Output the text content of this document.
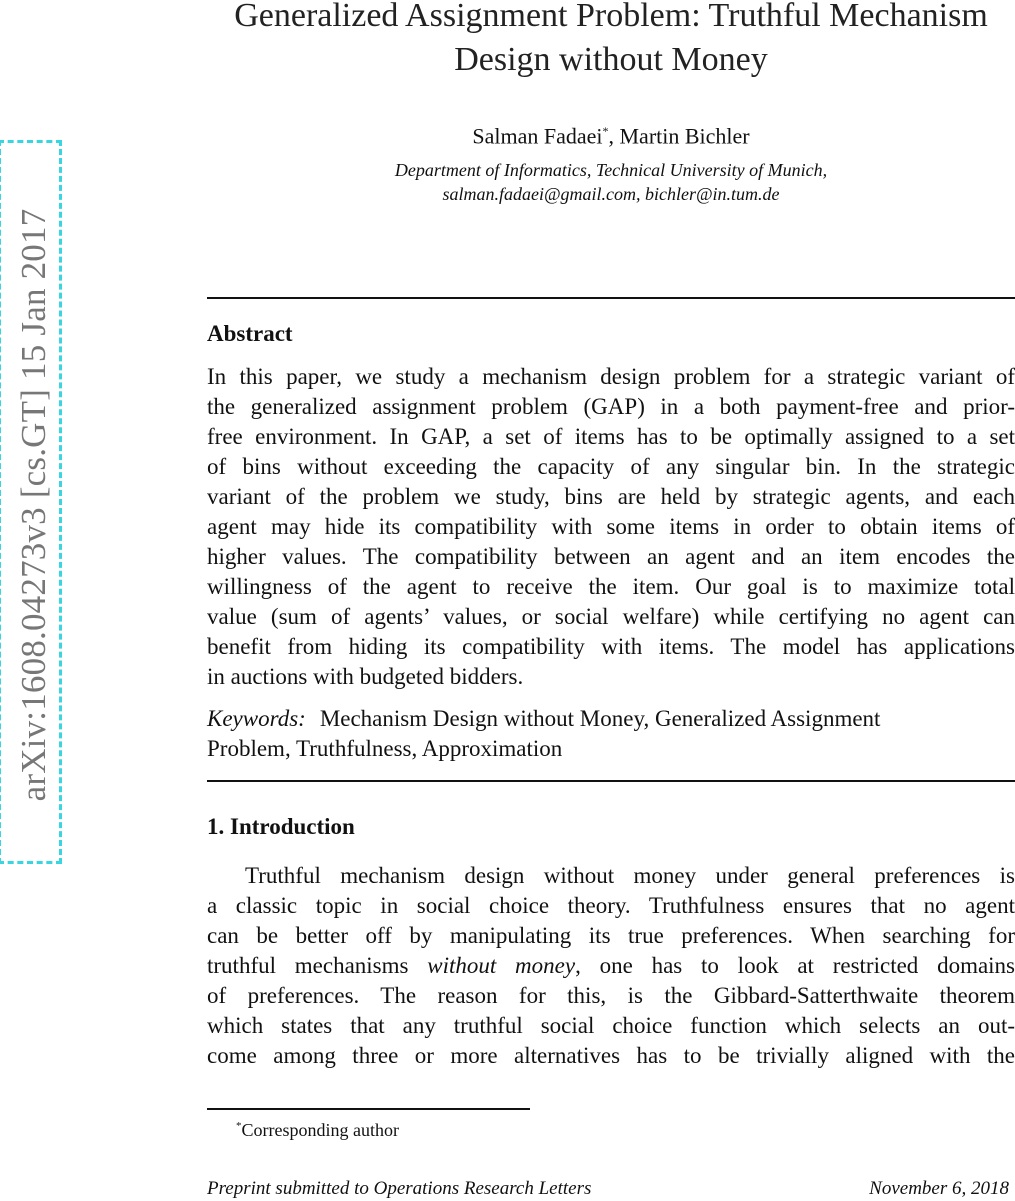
arXiv:1608.04273v3 [cs.GT] 15 Jan 2017
Generalized Assignment Problem: Truthful Mechanism
Design without Money
Salman Fadaei*, Martin Bichler
Department of Informatics, Technical University of Munich,
salman.fadaei@gmail.com, bichler@in.tum.de
Abstract
In this paper, we study a mechanism design problem for a strategic variant of
the generalized assignment problem (GAP) in a both payment-free and prior-
free environment. In GAP, a set of items has to be optimally assigned to a set
of bins without exceeding the capacity of any singular bin. In the strategic
variant of the problem we study, bins are held by strategic agents, and each
agent may hide its compatibility with some items in order to obtain items of
higher values. The compatibility between an agent and an item encodes the
willingness of the agent to receive the item. Our goal is to maximize total
value (sum of agents’ values, or social welfare) while certifying no agent can
benefit from hiding its compatibility with items. The model has applications
in auctions with budgeted bidders.
Keywords: Mechanism Design without Money, Generalized Assignment
Problem, Truthfulness, Approximation
1. Introduction
Truthful mechanism design without money under general preferences is
a classic topic in social choice theory. Truthfulness ensures that no agent
can be better off by manipulating its true preferences. When searching for
truthful mechanisms without money, one has to look at restricted domains
of preferences. The reason for this, is the Gibbard-Satterthwaite theorem
which states that any truthful social choice function which selects an out-
come among three or more alternatives has to be trivially aligned with the
*Corresponding author
Preprint submitted to Operations Research Letters	November 6, 2018
